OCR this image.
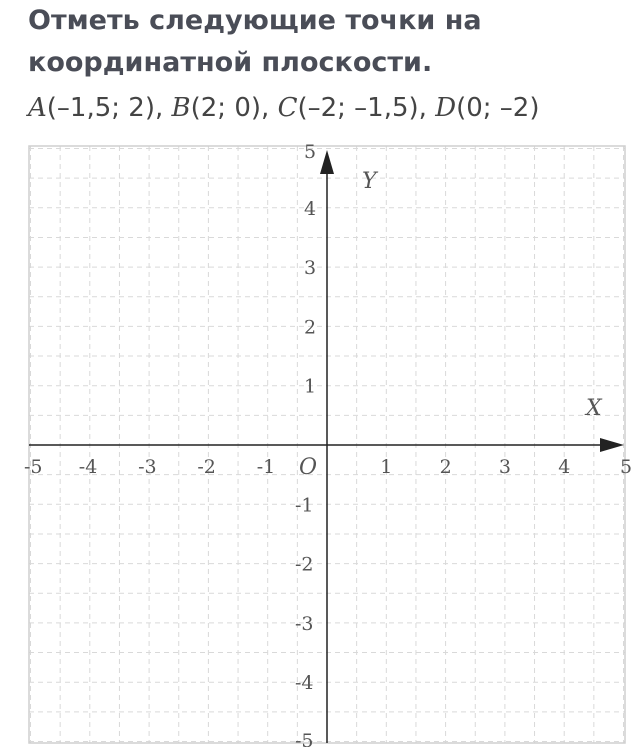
Отметь следующие точки на
координатной плоскости.
A(–1,5; 2), B(2; 0), C(–2; –1,5), D(0; –2)
-5 -4 -3 -2 -1	1 2 3 4	5
5
4
3
2
1
-1
-2
-3
-4
-5
X
Y
O
